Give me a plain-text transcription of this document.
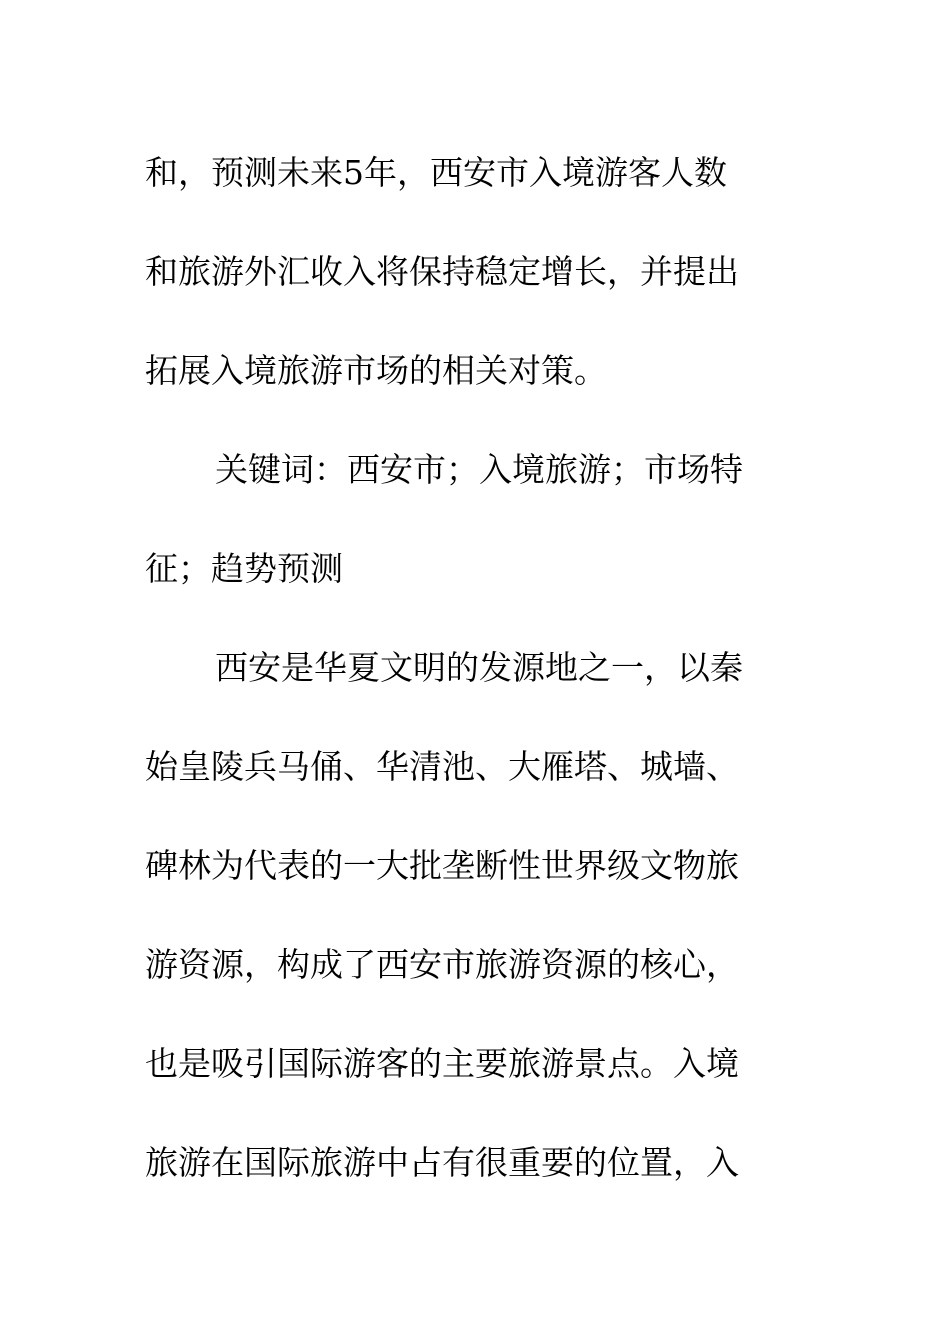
和，预测未来5年，西安市入境游客人数
和旅游外汇收入将保持稳定增长，并提出
拓展入境旅游市场的相关对策。
关键词：西安市；入境旅游；市场特
征；趋势预测
西安是华夏文明的发源地之一，以秦
始皇陵兵马俑、华清池、大雁塔、城墙、
碑林为代表的一大批垄断性世界级文物旅
游资源，构成了西安市旅游资源的核心，
也是吸引国际游客的主要旅游景点。入境
旅游在国际旅游中占有很重要的位置，入
